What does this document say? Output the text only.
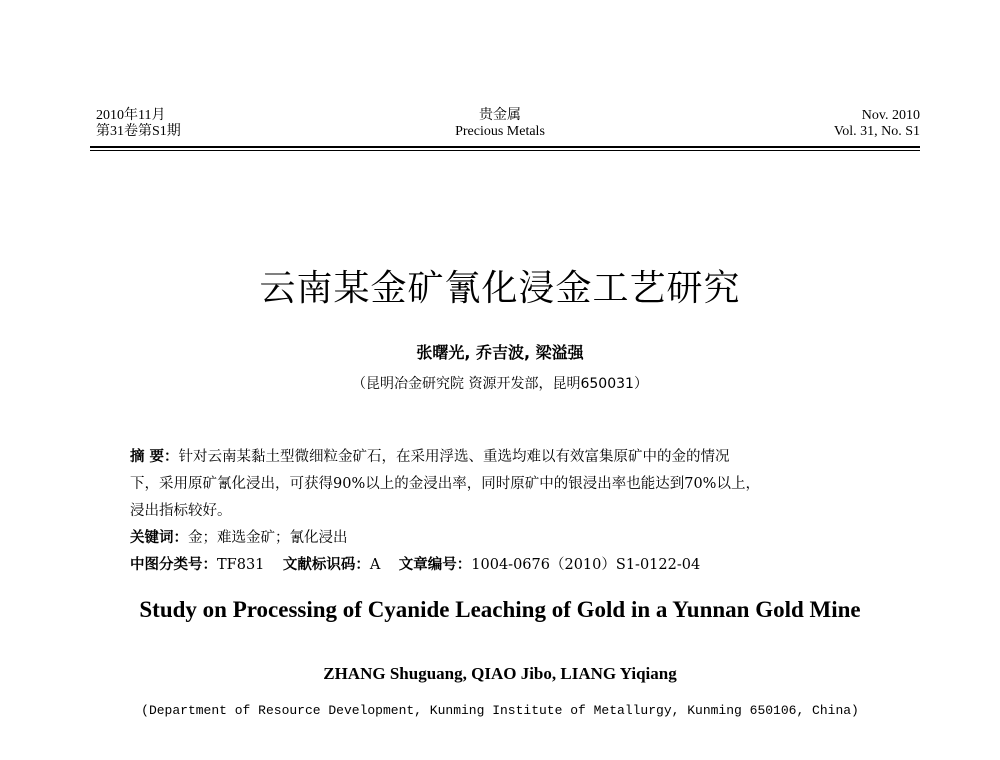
2010年11月
第31卷第S1期
贵金属
Precious Metals
Nov. 2010
Vol. 31, No. S1
云南某金矿氰化浸金工艺研究
张曙光, 乔吉波, 梁溢强
（昆明冶金研究院 资源开发部，昆明650031）
摘 要：针对云南某黏土型微细粒金矿石，在采用浮选、重选均难以有效富集原矿中的金的情况
下，采用原矿氰化浸出，可获得90%以上的金浸出率，同时原矿中的银浸出率也能达到70%以上，
浸出指标较好。
关键词：金；难选金矿；氰化浸出
中图分类号：TF831 文献标识码：A 文章编号：1004-0676（2010）S1-0122-04
Study on Processing of Cyanide Leaching of Gold in a Yunnan Gold Mine
ZHANG Shuguang, QIAO Jibo, LIANG Yiqiang
(Department of Resource Development, Kunming Institute of Metallurgy, Kunming 650106, China)
